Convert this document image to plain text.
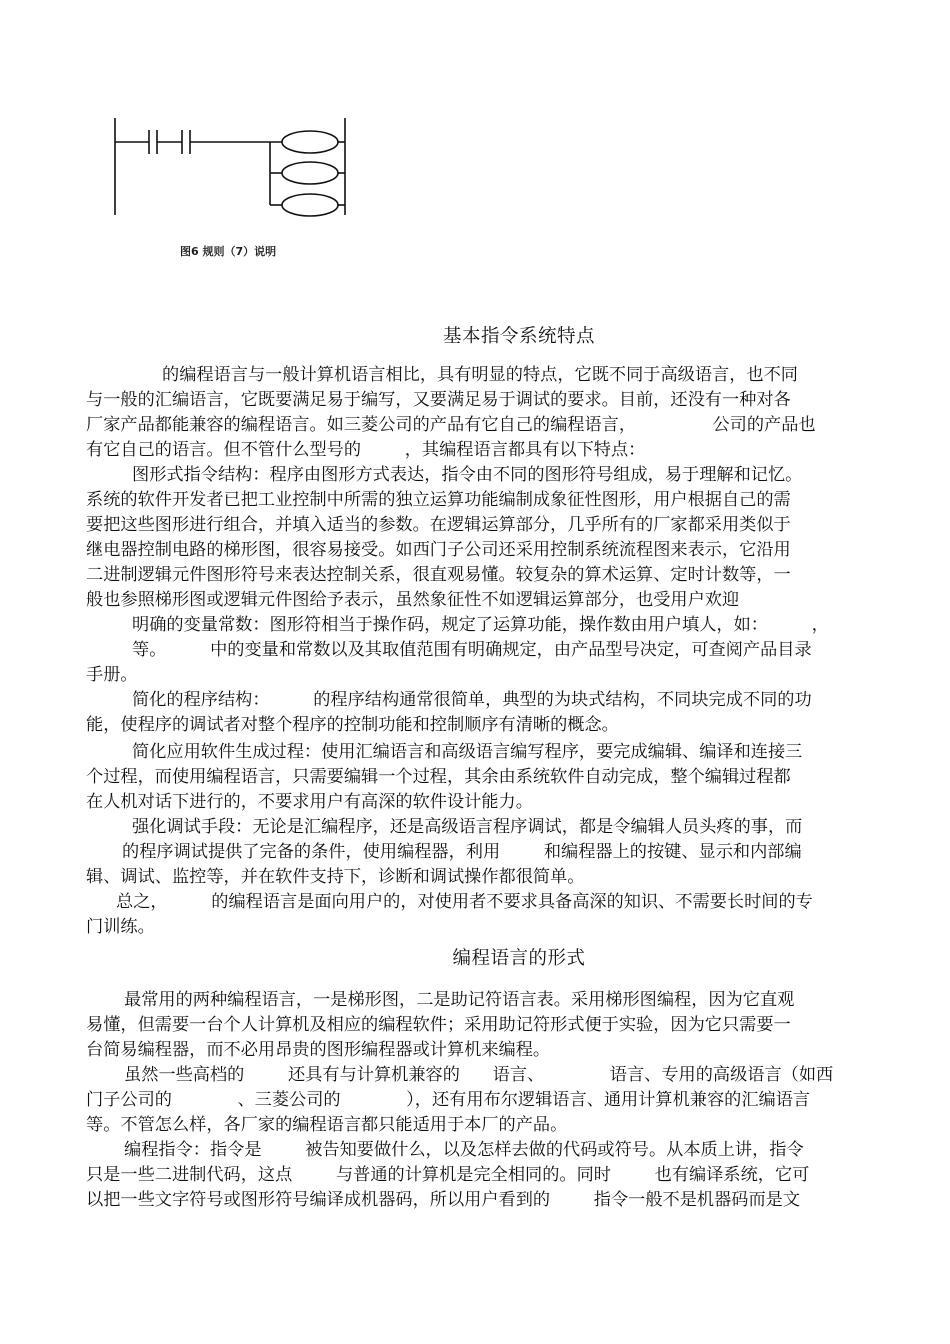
图6 规则（7）说明
基本指令系统特点
的编程语言与一般计算机语言相比，具有明显的特点，它既不同于高级语言，也不同
与一般的汇编语言，它既要满足易于编写，又要满足易于调试的要求。目前，还没有一种对各
厂家产品都能兼容的编程语言。如三菱公司的产品有它自己的编程语言，              公司的产品也
有它自己的语言。但不管什么型号的        ，其编程语言都具有以下特点：
图形式指令结构：程序由图形方式表达，指令由不同的图形符号组成，易于理解和记忆。
系统的软件开发者已把工业控制中所需的独立运算功能编制成象征性图形，用户根据自己的需
要把这些图形进行组合，并填入适当的参数。在逻辑运算部分，几乎所有的厂家都采用类似于
继电器控制电路的梯形图，很容易接受。如西门子公司还采用控制系统流程图来表示，它沿用
二进制逻辑元件图形符号来表达控制关系，很直观易懂。较复杂的算术运算、定时计数等，一
般也参照梯形图或逻辑元件图给予表示，虽然象征性不如逻辑运算部分，也受用户欢迎
明确的变量常数：图形符相当于操作码，规定了运算功能，操作数由用户填人，如：        ，
等。        中的变量和常数以及其取值范围有明确规定，由产品型号决定，可查阅产品目录
手册。
简化的程序结构：        的程序结构通常很简单，典型的为块式结构，不同块完成不同的功
能，使程序的调试者对整个程序的控制功能和控制顺序有清晰的概念。
简化应用软件生成过程：使用汇编语言和高级语言编写程序，要完成编辑、编译和连接三
个过程，而使用编程语言，只需要编辑一个过程，其余由系统软件自动完成，整个编辑过程都
在人机对话下进行的，不要求用户有高深的软件设计能力。
强化调试手段：无论是汇编程序，还是高级语言程序调试，都是令编辑人员头疼的事，而
的程序调试提供了完备的条件，使用编程器，利用        和编程器上的按键、显示和内部编
辑、调试、监控等，并在软件支持下，诊断和调试操作都很简单。
总之，        的编程语言是面向用户的，对使用者不要求具备高深的知识、不需要长时间的专
门训练。
编程语言的形式
最常用的两种编程语言，一是梯形图，二是助记符语言表。采用梯形图编程，因为它直观
易懂，但需要一台个人计算机及相应的编程软件；采用助记符形式便于实验，因为它只需要一
台简易编程器，而不必用昂贵的图形编程器或计算机来编程。
虽然一些高档的        还具有与计算机兼容的      语言、            语言、专用的高级语言（如西
门子公司的            、三菱公司的            ），还有用布尔逻辑语言、通用计算机兼容的汇编语言
等。不管怎么样，各厂家的编程语言都只能适用于本厂的产品。
编程指令：指令是        被告知要做什么，以及怎样去做的代码或符号。从本质上讲，指令
只是一些二进制代码，这点        与普通的计算机是完全相同的。同时        也有编译系统，它可
以把一些文字符号或图形符号编译成机器码，所以用户看到的        指令一般不是机器码而是文
